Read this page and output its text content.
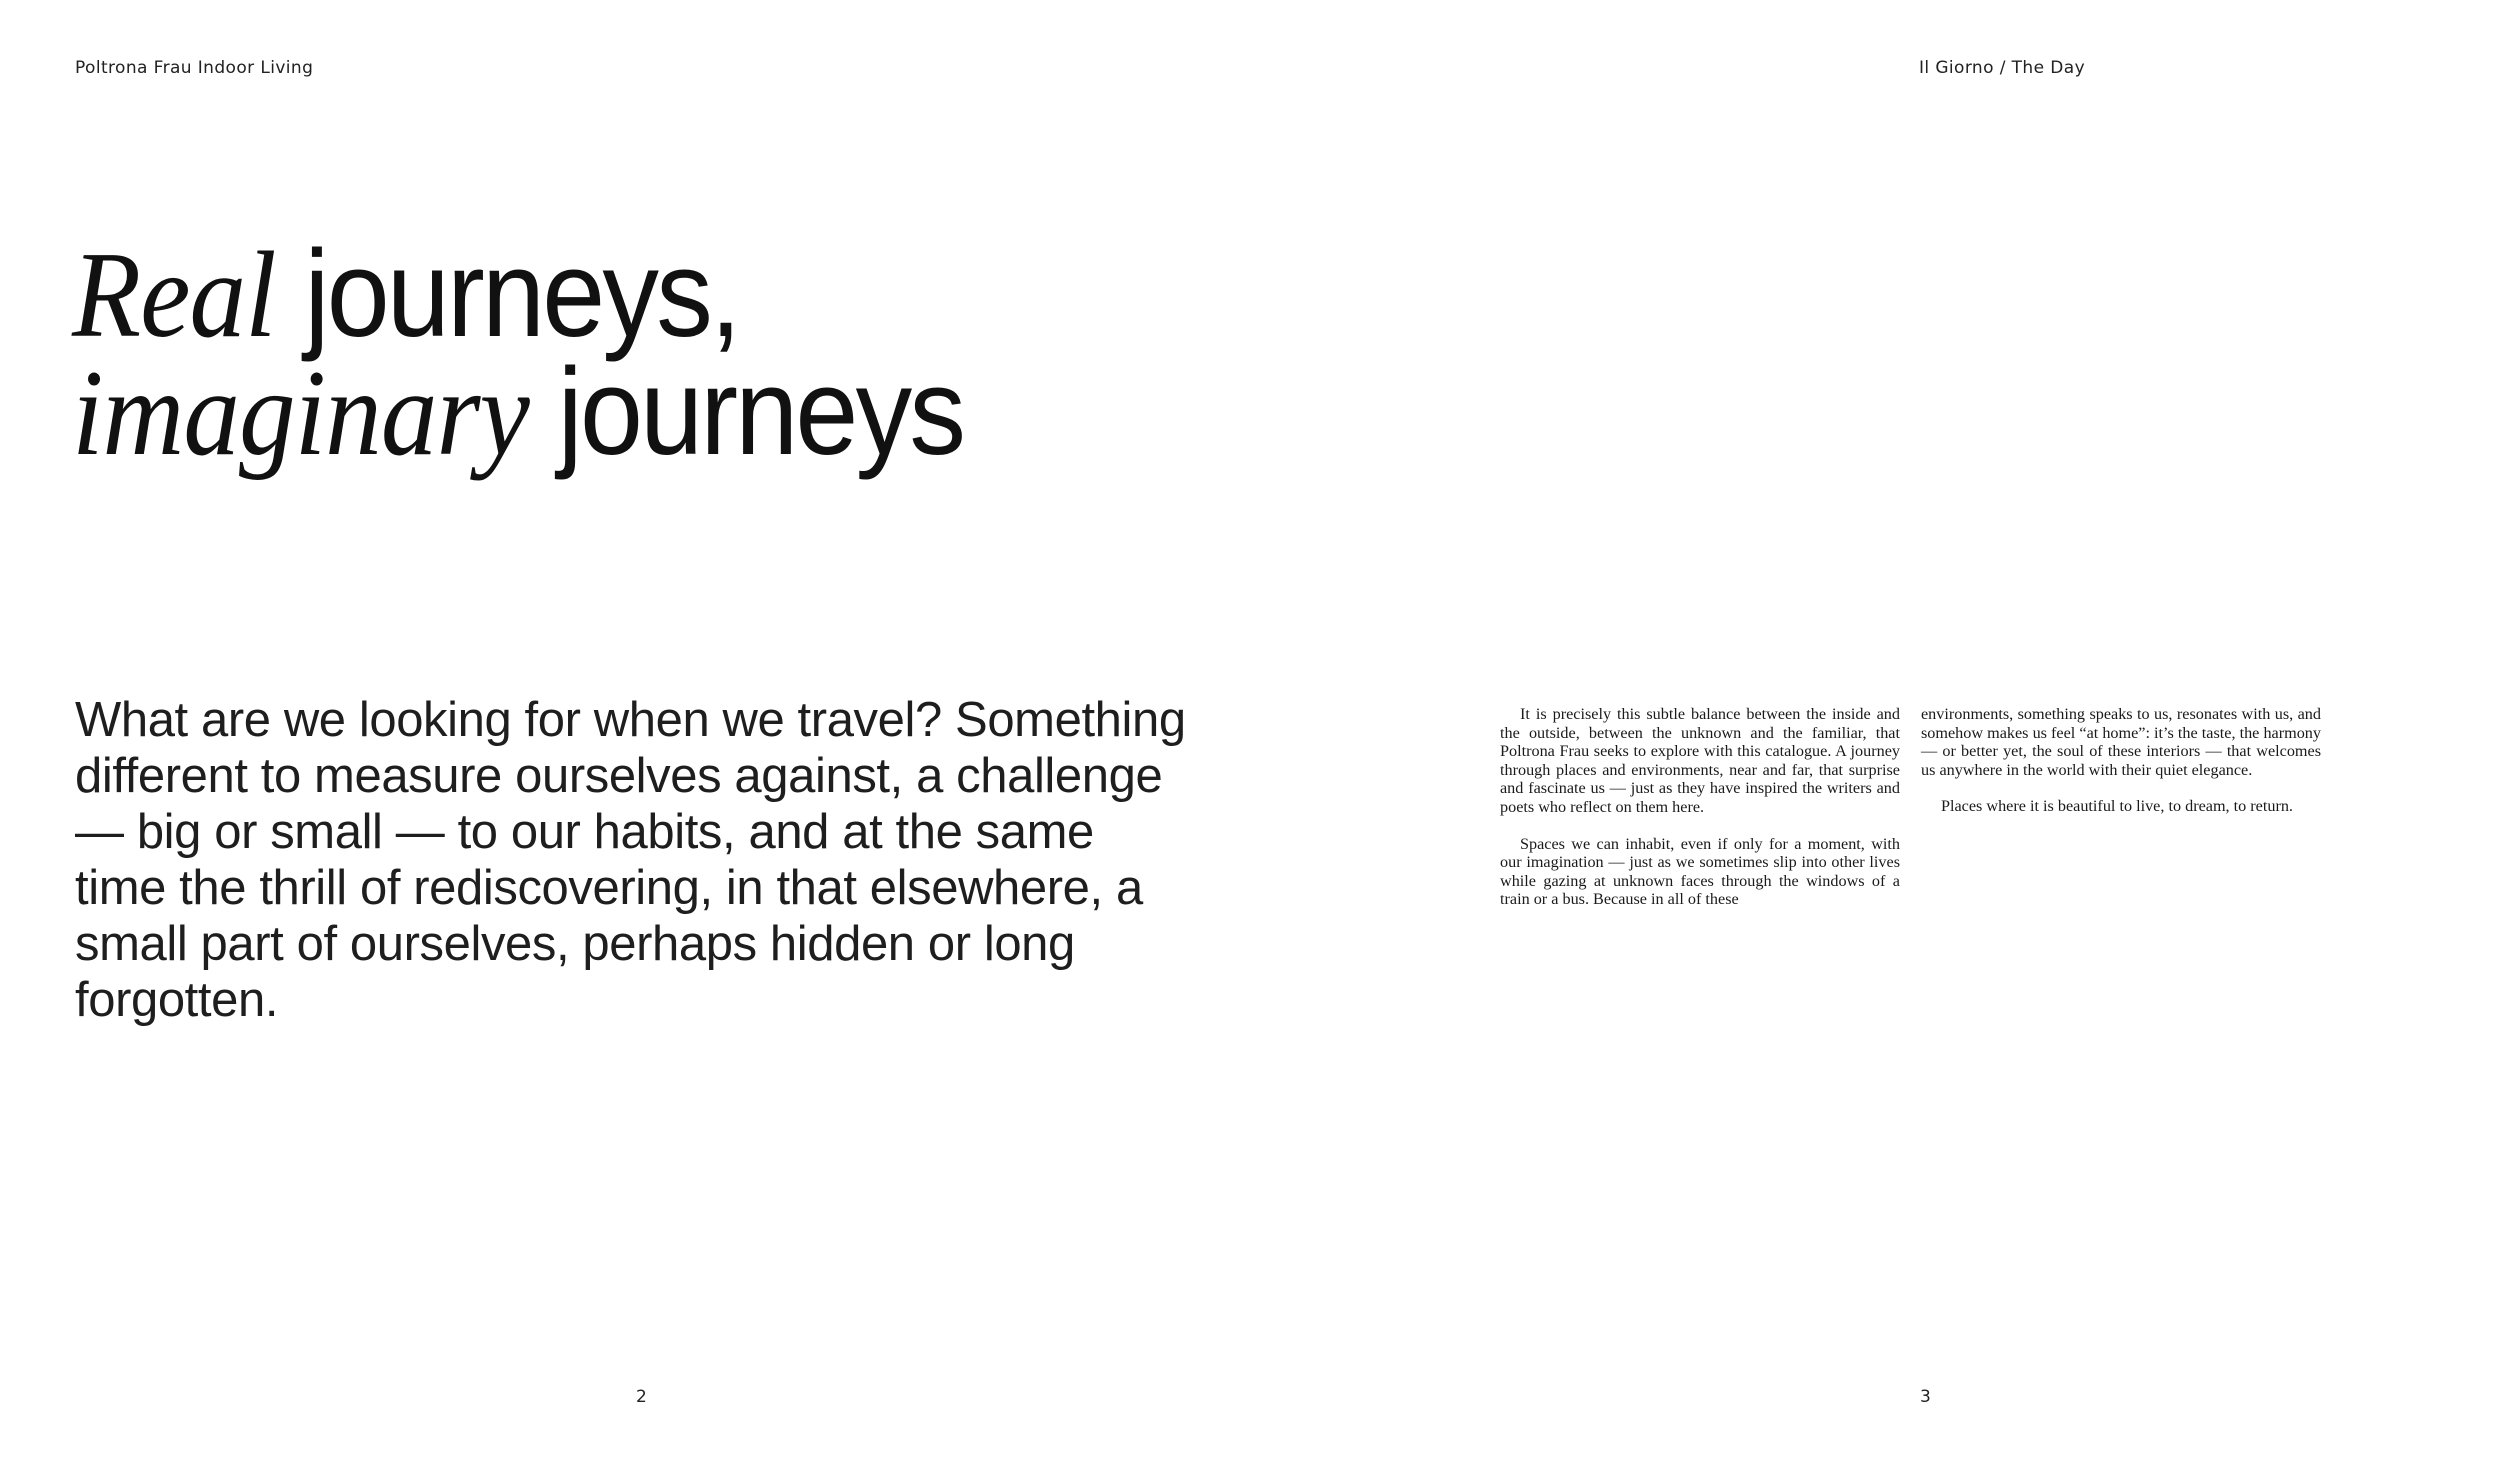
Poltrona Frau Indoor Living	Il Giorno / The Day
Real journeys,
imaginary journeys

What are we looking for when we travel? Something different to measure ourselves against, a challenge — big or small — to our habits, and at the same time the thrill of rediscovering, in that elsewhere, a small part of ourselves, perhaps hidden or long forgotten.

It is precisely this subtle balance between the inside and the outside, between the unknown and the familiar, that Poltrona Frau seeks to explore with this catalogue. A journey through places and environments, near and far, that surprise and fascinate us — just as they have inspired the writers and poets who reflect on them here.

Spaces we can inhabit, even if only for a moment, with our imagination — just as we sometimes slip into other lives while gazing at unknown faces through the windows of a train or a bus. Because in all of these

environments, something speaks to us, resonates with us, and somehow makes us feel “at home”: it’s the taste, the harmony — or better yet, the soul of these interiors — that welcomes us anywhere in the world with their quiet elegance.

Places where it is beautiful to live, to dream, to return.

2	3
